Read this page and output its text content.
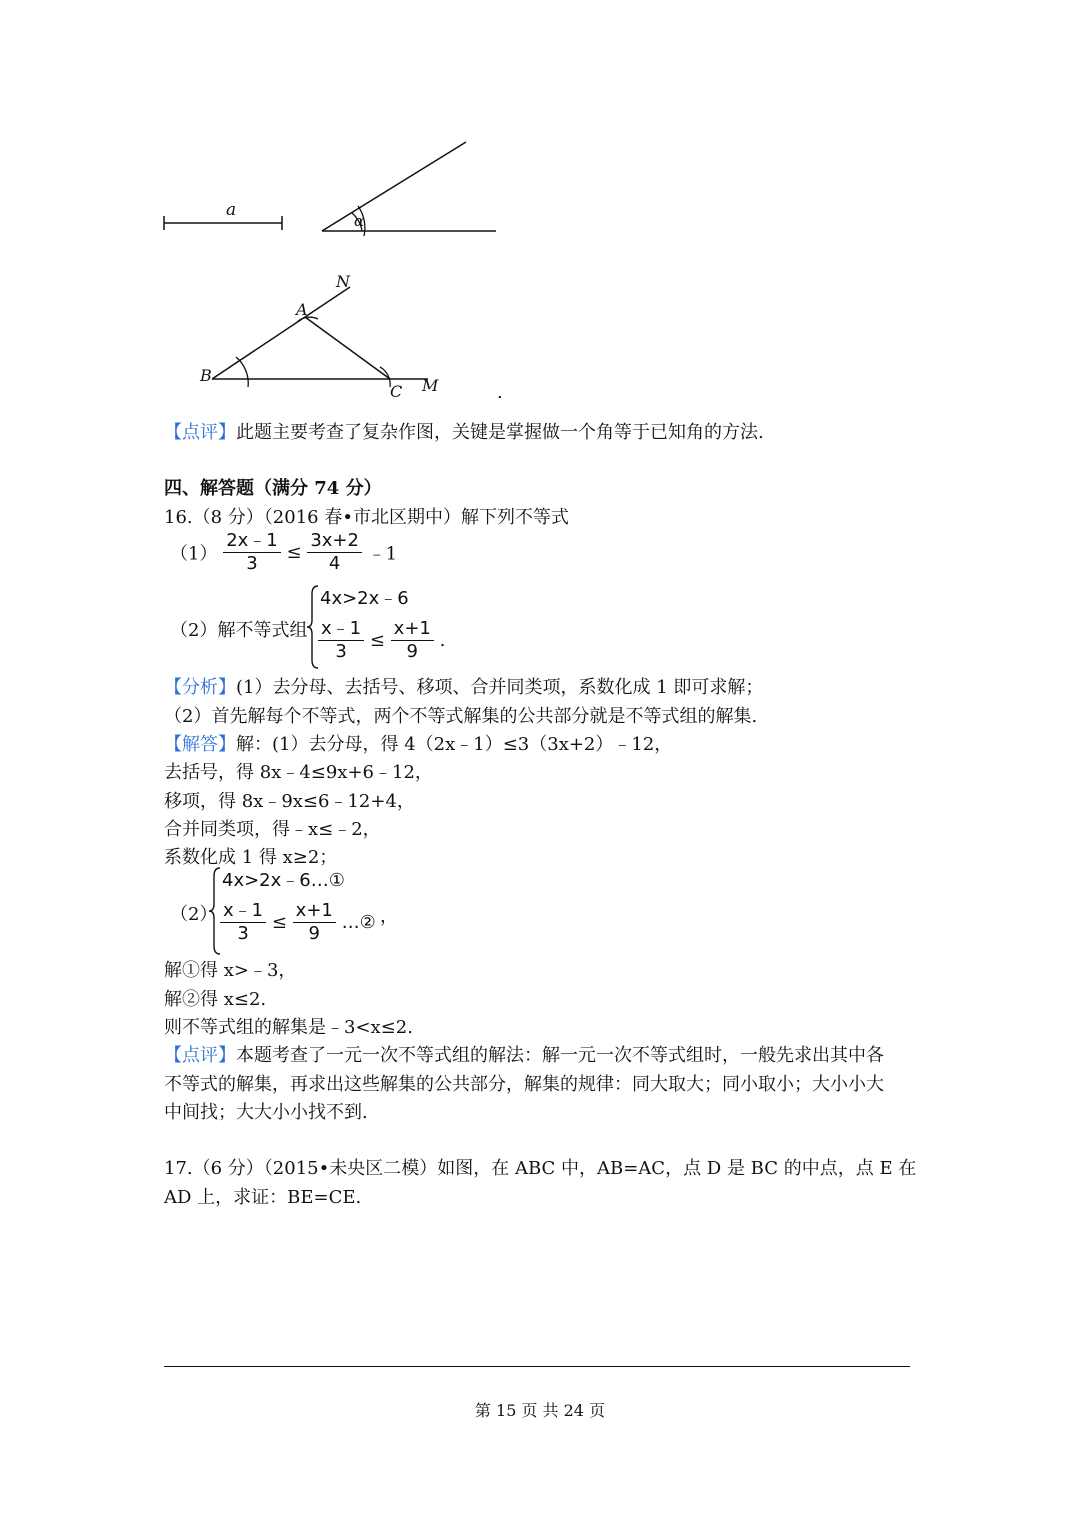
a
α
N
A
B
C M	.
【点评】此题主要考查了复杂作图，关键是掌握做一个角等于已知角的方法.
四、解答题（满分 74 分）
16.（8 分）（2016 春•市北区期中）解下列不等式
$(1) \frac{2x﹣1}{3} \le \frac{3x+2}{4}$ ﹣1
（2）解不等式组
4x>2x﹣6
$\frac{x﹣1}{3} \le \frac{x+1}{9}$ .
【分析】(1）去分母、去括号、移项、合并同类项，系数化成 1 即可求解；
（2）首先解每个不等式，两个不等式解集的公共部分就是不等式组的解集.
【解答】解：(1）去分母，得 4（2x﹣1）≤3（3x+2）﹣12，
去括号，得 8x﹣4≤9x+6﹣12，
移项，得 8x﹣9x≤6﹣12+4，
合并同类项，得﹣x≤﹣2，
系数化成 1 得 x≥2；
（2）
4x>2x﹣6…①
$\frac{x﹣1}{3} \le \frac{x+1}{9}$ …② ，
解①得 x>﹣3，
解②得 x≤2.
则不等式组的解集是﹣3<x≤2.
【点评】本题考查了一元一次不等式组的解法：解一元一次不等式组时，一般先求出其中各
不等式的解集，再求出这些解集的公共部分，解集的规律：同大取大；同小取小；大小小大
中间找；大大小小找不到.
17.（6 分）（2015•未央区二模）如图，在 ABC 中，AB=AC，点 D 是 BC 的中点，点 E 在
AD 上，求证：BE=CE.
第 15 页 共 24 页
